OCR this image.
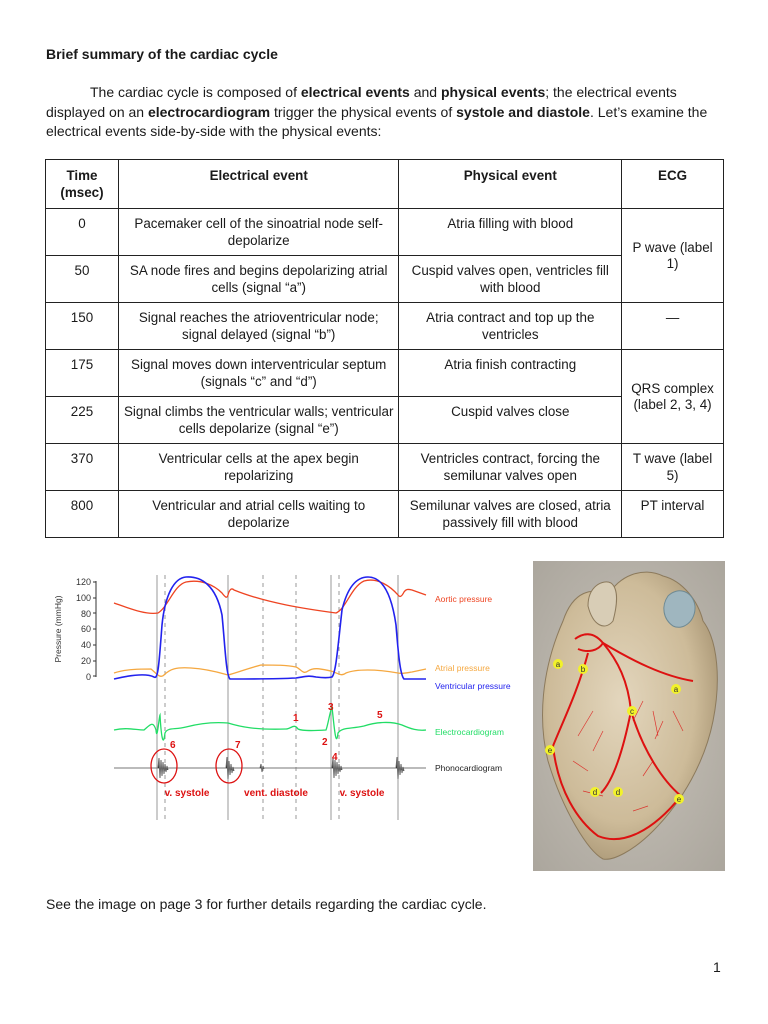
Brief summary of the cardiac cycle
The cardiac cycle is composed of electrical events and physical events; the electrical events displayed on an electrocardiogram trigger the physical events of systole and diastole. Let’s examine the electrical events side-by-side with the physical events:
Time (msec)	Electrical event	Physical event	ECG
0	Pacemaker cell of the sinoatrial node self-depolarize	Atria filling with blood	P wave (label 1)
50	SA node fires and begins depolarizing atrial cells (signal “a”)	Cuspid valves open, ventricles fill with blood	
150	Signal reaches the atrioventricular node; signal delayed (signal “b”)	Atria contract and top up the ventricles	—
175	Signal moves down interventricular septum (signals “c” and “d”)	Atria finish contracting	QRS complex (label 2, 3, 4)
225	Signal climbs the ventricular walls; ventricular cells depolarize (signal “e”)	Cuspid valves close	
370	Ventricular cells at the apex begin repolarizing	Ventricles contract, forcing the semilunar valves open	T wave (label 5)
800	Ventricular and atrial cells waiting to depolarize	Semilunar valves are closed, atria passively fill with blood	PT interval
Pressure (mmHg)
120
100
80
60
40
20
0
1
2
3
4
5
6	7
v. systole	vent. diastole	v. systole
Aortic pressure
Atrial pressure
Ventricular pressure
Electrocardiogram
Phonocardiogram
a
b
a
c
e
d d
e
See the image on page 3 for further details regarding the cardiac cycle.
1
